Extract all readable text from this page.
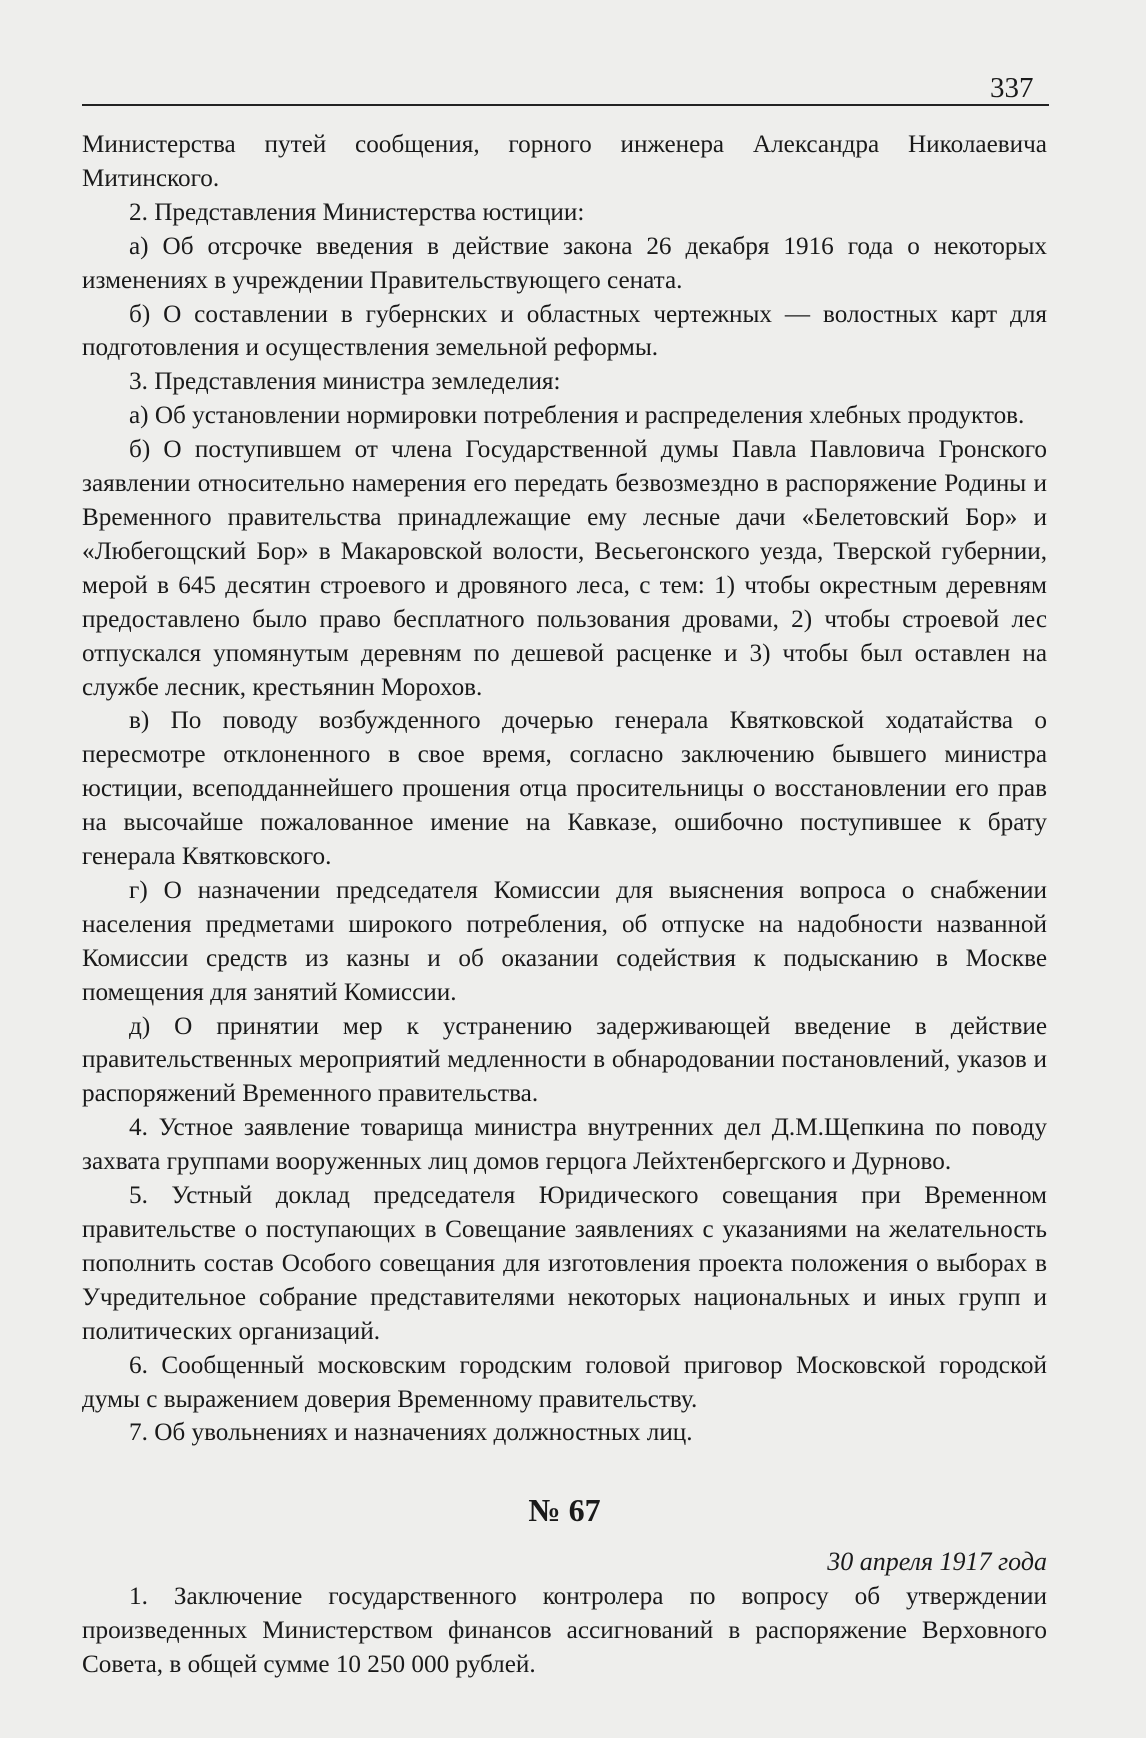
337

Министерства путей сообщения, горного инженера Александра Николаевича Митинского.

2. Представления Министерства юстиции:

а) Об отсрочке введения в действие закона 26 декабря 1916 года о некоторых изменениях в учреждении Правительствующего сената.

б) О составлении в губернских и областных чертежных — волостных карт для подготовления и осуществления земельной реформы.

3. Представления министра земледелия:

а) Об установлении нормировки потребления и распределения хлебных продуктов.

б) О поступившем от члена Государственной думы Павла Павловича Гронского заявлении относительно намерения его передать безвозмездно в распоряжение Родины и Временного правительства принадлежащие ему лесные дачи «Белетовский Бор» и «Любегощский Бор» в Макаровской волости, Весьегонского уезда, Тверской губернии, мерой в 645 десятин строевого и дровяного леса, с тем: 1) чтобы окрестным деревням предоставлено было право бесплатного пользования дровами, 2) чтобы строевой лес отпускался упомянутым деревням по дешевой расценке и 3) чтобы был оставлен на службе лесник, крестьянин Морохов.

в) По поводу возбужденного дочерью генерала Квятковской ходатайства о пересмотре отклоненного в свое время, согласно заключению бывшего министра юстиции, всеподданнейшего прошения отца просительницы о восстановлении его прав на высочайше пожалованное имение на Кавказе, ошибочно поступившее к брату генерала Квятковского.

г) О назначении председателя Комиссии для выяснения вопроса о снабжении населения предметами широкого потребления, об отпуске на надобности названной Комиссии средств из казны и об оказании содействия к подысканию в Москве помещения для занятий Комиссии.

д) О принятии мер к устранению задерживающей введение в действие правительственных мероприятий медленности в обнародовании постановлений, указов и распоряжений Временного правительства.

4. Устное заявление товарища министра внутренних дел Д.М.Щепкина по поводу захвата группами вооруженных лиц домов герцога Лейхтенбергского и Дурново.

5. Устный доклад председателя Юридического совещания при Временном правительстве о поступающих в Совещание заявлениях с указаниями на желательность пополнить состав Особого совещания для изготовления проекта положения о выборах в Учредительное собрание представителями некоторых национальных и иных групп и политических организаций.

6. Сообщенный московским городским головой приговор Московской городской думы с выражением доверия Временному правительству.

7. Об увольнениях и назначениях должностных лиц.

№ 67
30 апреля 1917 года

1. Заключение государственного контролера по вопросу об утверждении произведенных Министерством финансов ассигнований в распоряжение Верховного Совета, в общей сумме 10 250 000 рублей.
